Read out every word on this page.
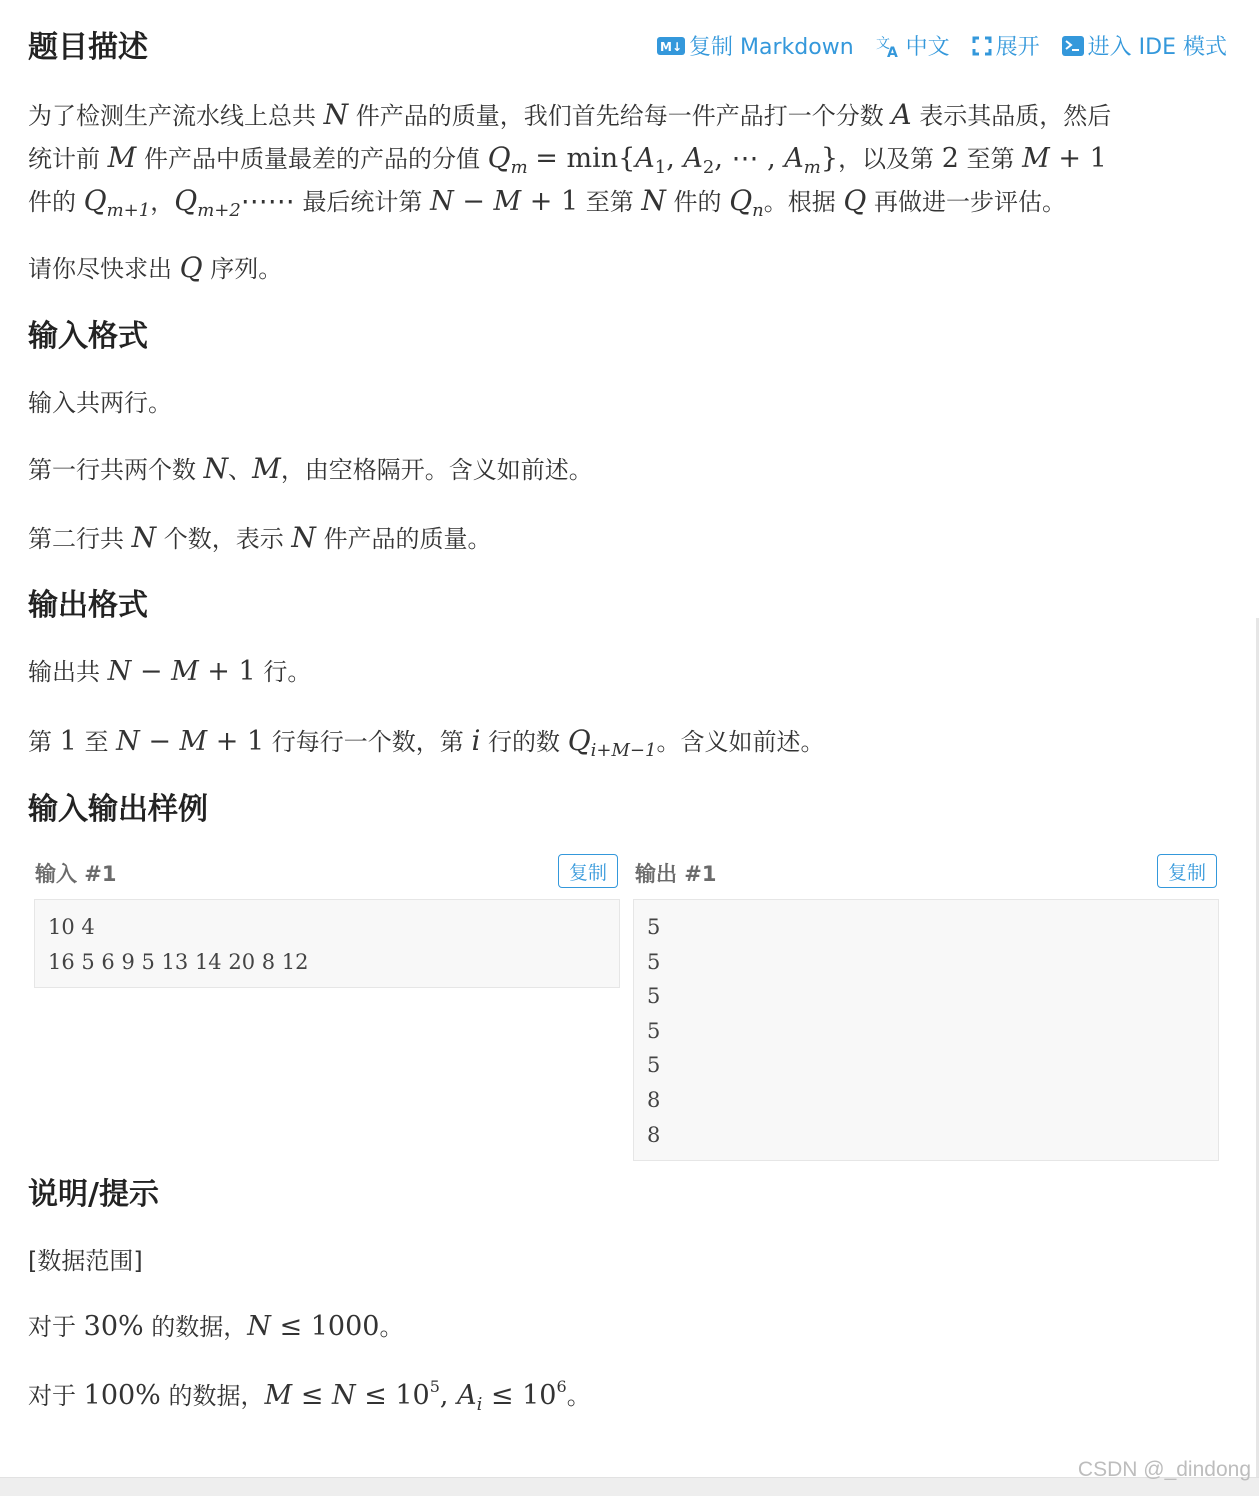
M↓ 复制 Markdown 文
A 中文 展开 进入 IDE 模式
题目描述

为了检测生产流水线上总共 N 件产品的质量，我们首先给每一件产品打一个分数 A 表示其品质，然后

统计前 M 件产品中质量最差的产品的分值 $Q_m = \min\{A_1$, $A_2$, ⋯ , $A_m$}，以及第 2 至第 M + 1

件的 $Q_{m+1}$，$Q_{m+2}\cdots\cdots$ 最后统计第 N − M + 1 至第 N 件的 $Q_n$。根据 Q 再做进一步评估。

请你尽快求出 Q 序列。

输入格式

输入共两行。

第一行共两个数 N、M，由空格隔开。含义如前述。

第二行共 N 个数，表示 N 件产品的质量。

输出格式

输出共 N − M + 1 行。

第 1 至 N − M + 1 行每行一个数，第 i 行的数 $Q_{i+M-1}$。含义如前述。

输入输出样例
输入 #1	复制
10 4
16 5 6 9 5 13 14 20 8 12
输出 #1	复制
5
5
5
5
5
8
8
说明/提示

[数据范围]

对于 30% 的数据，N ≤ 1000。

对于 100% 的数据，$M \le N \le 10^5$, $A_i \le 10^6$。

CSDN @_dindong
